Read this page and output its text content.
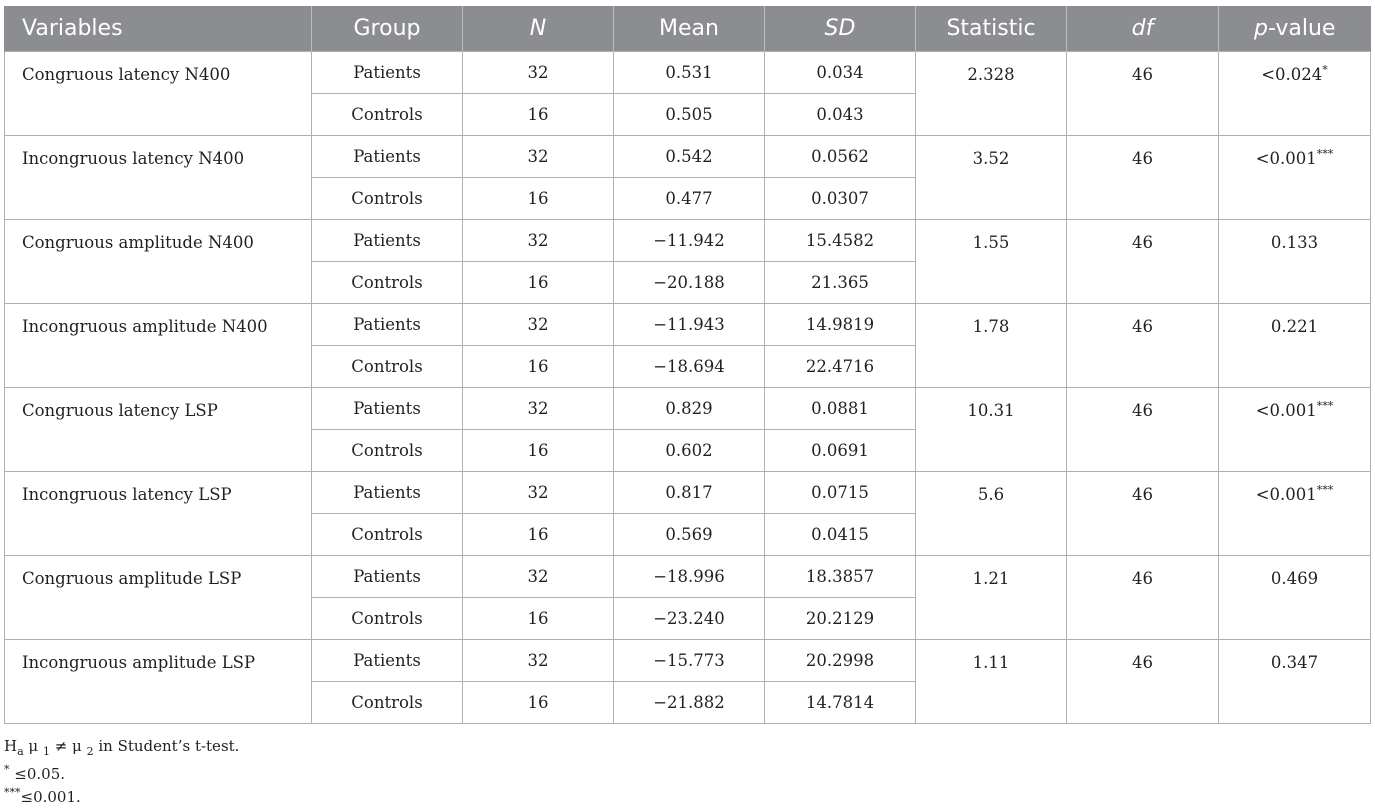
Variables	Group	N	Mean	SD	Statistic	df	p-value
Congruous latency N400	Patients	32	0.531	0.034	2.328	46	<0.024*
	Controls	16	0.505	0.043			
Incongruous latency N400	Patients	32	0.542	0.0562	3.52	46	<0.001***
	Controls	16	0.477	0.0307			
Congruous amplitude N400	Patients	32	−11.942	15.4582	1.55	46	0.133
	Controls	16	−20.188	21.365			
Incongruous amplitude N400	Patients	32	−11.943	14.9819	1.78	46	0.221
	Controls	16	−18.694	22.4716			
Congruous latency LSP	Patients	32	0.829	0.0881	10.31	46	<0.001***
	Controls	16	0.602	0.0691			
Incongruous latency LSP	Patients	32	0.817	0.0715	5.6	46	<0.001***
	Controls	16	0.569	0.0415			
Congruous amplitude LSP	Patients	32	−18.996	18.3857	1.21	46	0.469
	Controls	16	−23.240	20.2129			
Incongruous amplitude LSP	Patients	32	−15.773	20.2998	1.11	46	0.347
	Controls	16	−21.882	14.7814			
$H_a$ μ $_1$ ≠ μ $_2$ in Student’s t-test.
* ≤0.05.
***≤0.001.
